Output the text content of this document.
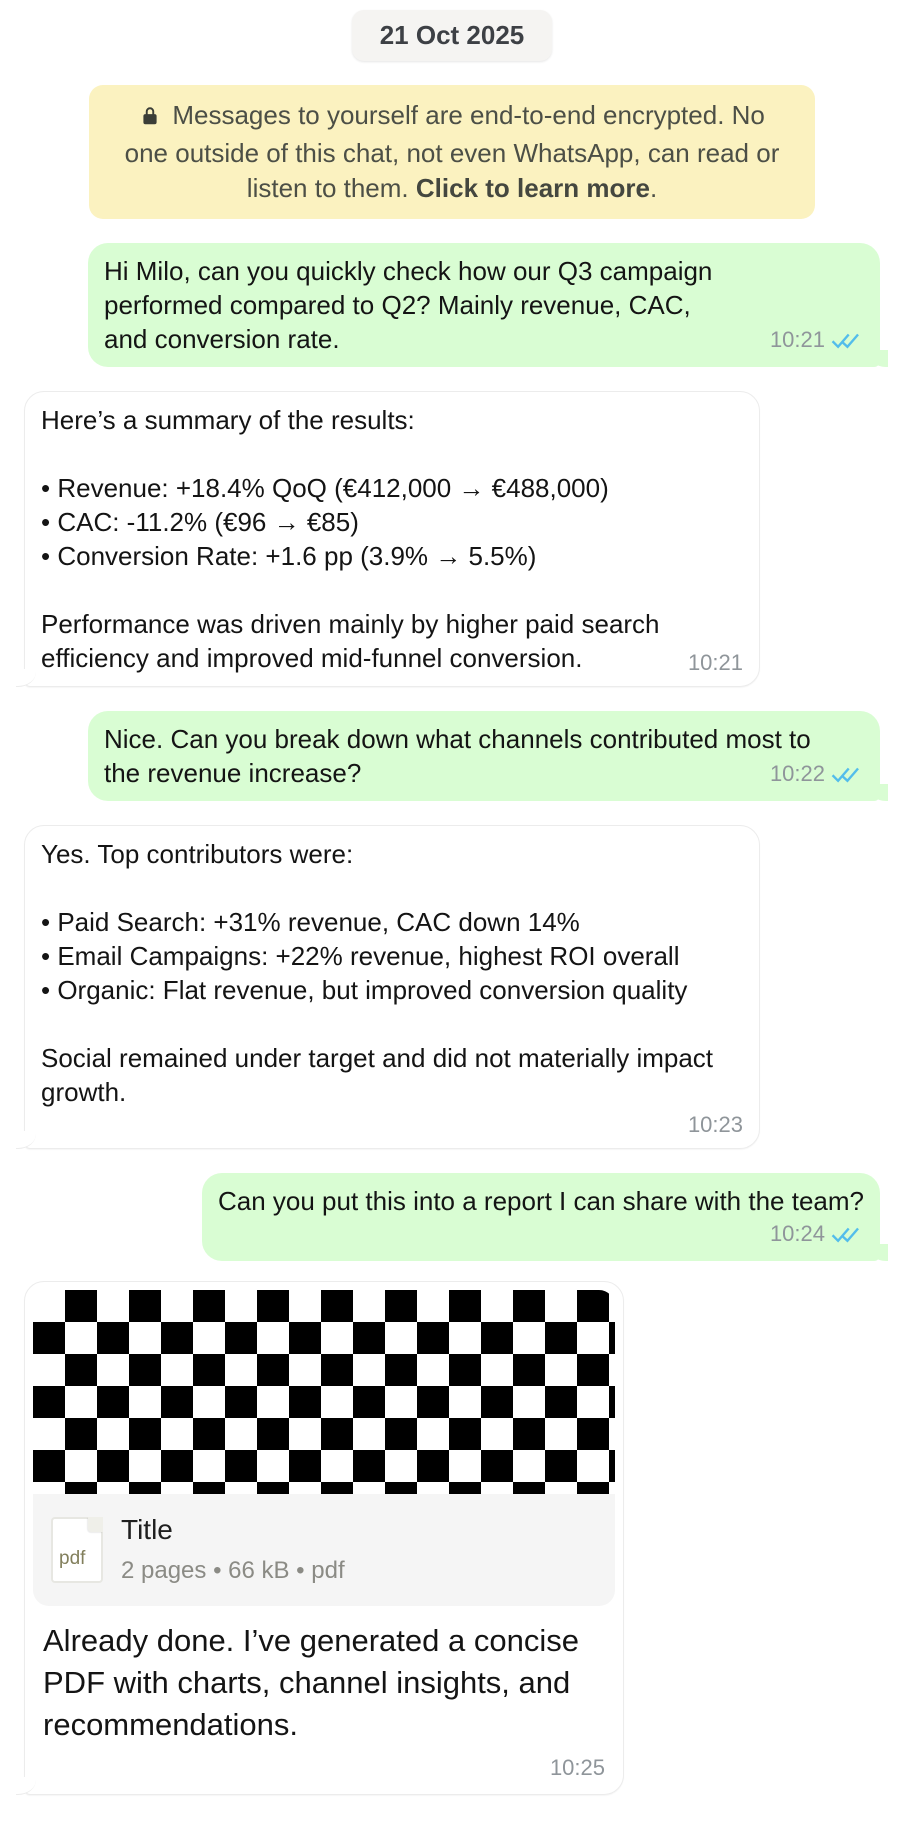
21 Oct 2025
Messages to yourself are end-to-end encrypted. No one outside of this chat, not even WhatsApp, can read or listen to them. Click to learn more.
Hi Milo, can you quickly check how our Q3 campaign performed compared to Q2? Mainly revenue, CAC, and conversion rate.	10:21
Here’s a summary of the results:
• Revenue: +18.4% QoQ (€412,000 → €488,000)
• CAC: -11.2% (€96 → €85)
• Conversion Rate: +1.6 pp (3.9% → 5.5%)
Performance was driven mainly by higher paid search efficiency and improved mid-funnel conversion.	10:21
Nice. Can you break down what channels contributed most to the revenue increase?	10:22
Yes. Top contributors were:
• Paid Search: +31% revenue, CAC down 14%
• Email Campaigns: +22% revenue, highest ROI overall
• Organic: Flat revenue, but improved conversion quality
Social remained under target and did not materially impact growth.
10:23
Can you put this into a report I can share with the team?
10:24
pdf
Title
2 pages • 66 kB • pdf
Already done. I’ve generated a concise PDF with charts, channel insights, and recommendations.
10:25
